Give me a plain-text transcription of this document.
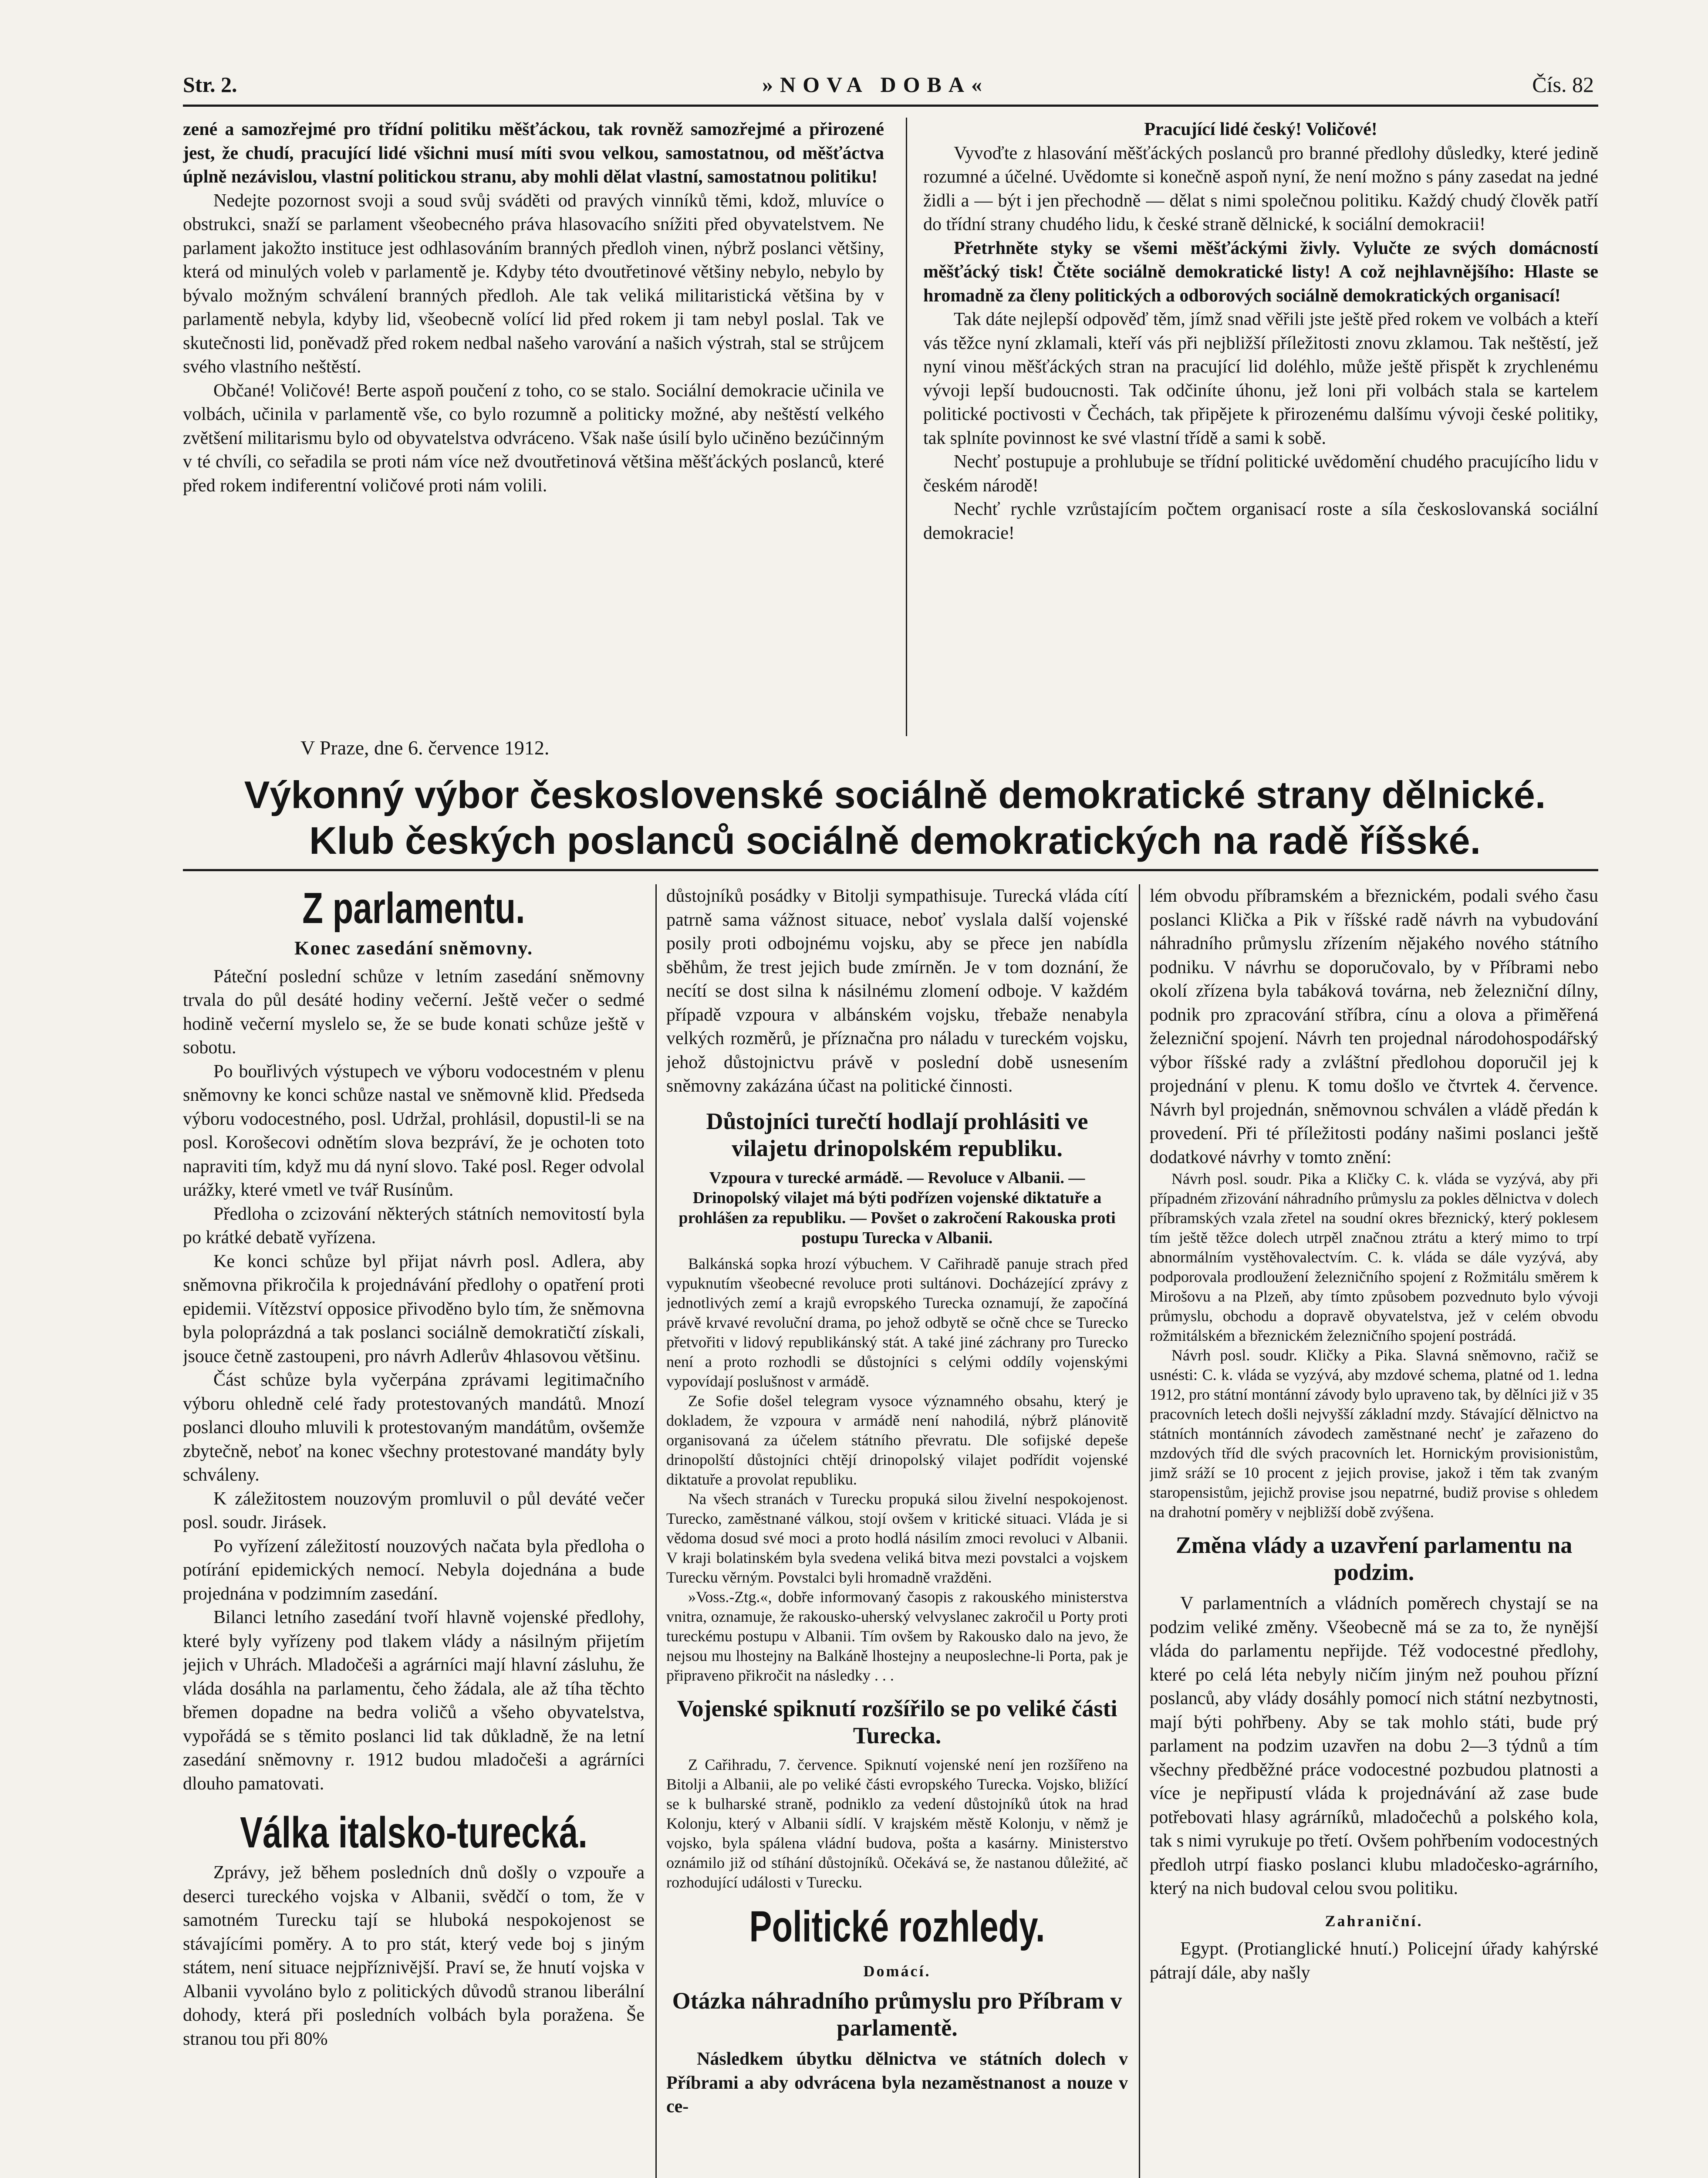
Str. 2.	»NOVA DOBA«	Čís. 82

zené a samozřejmé pro třídní politiku měšťáckou, tak rovněž samozřejmé a přirozené jest, že chudí, pracující lidé všichni musí míti svou velkou, samostatnou, od měšťáctva úplně nezávislou, vlastní politickou stranu, aby mohli dělat vlastní, samostatnou politiku!

Nedejte pozornost svoji a soud svůj sváděti od pravých vinníků těmi, kdož, mluvíce o obstrukci, snaží se parlament všeobecného práva hlasovacího snížiti před obyvatelstvem. Ne parlament jakožto instituce jest odhlasováním branných předloh vinen, nýbrž poslanci většiny, která od minulých voleb v parlamentě je. Kdyby této dvoutřetinové většiny nebylo, nebylo by bývalo možným schválení branných předloh. Ale tak veliká militaristická většina by v parlamentě nebyla, kdyby lid, všeobecně volící lid před rokem ji tam nebyl poslal. Tak ve skutečnosti lid, poněvadž před rokem nedbal našeho varování a našich výstrah, stal se strůjcem svého vlastního neštěstí.

Občané! Voličové! Berte aspoň poučení z toho, co se stalo. Sociální demokracie učinila ve volbách, učinila v parlamentě vše, co bylo rozumně a politicky možné, aby neštěstí velkého zvětšení militarismu bylo od obyvatelstva odvráceno. Však naše úsilí bylo učiněno bezúčinným v té chvíli, co seřadila se proti nám více než dvoutřetinová většina měšťáckých poslanců, které před rokem indiferentní voličové proti nám volili.

Pracující lidé český! Voličové!

Vyvoďte z hlasování měšťáckých poslanců pro branné předlohy důsledky, které jedině rozumné a účelné. Uvědomte si konečně aspoň nyní, že není možno s pány zasedat na jedné židli a — být i jen přechodně — dělat s nimi společnou politiku. Každý chudý člověk patří do třídní strany chudého lidu, k české straně dělnické, k sociální demokracii!

Přetrhněte styky se všemi měšťáckými živly. Vylučte ze svých domácností měšťácký tisk! Čtěte sociálně demokratické listy! A což nejhlavnějšího: Hlaste se hromadně za členy politických a odborových sociálně demokratických organisací!

Tak dáte nejlepší odpověď těm, jímž snad věřili jste ještě před rokem ve volbách a kteří vás těžce nyní zklamali, kteří vás při nejbližší příležitosti znovu zklamou. Tak neštěstí, jež nyní vinou měšťáckých stran na pracující lid doléhlo, může ještě přispět k zrychlenému vývoji lepší budoucnosti. Tak odčiníte úhonu, jež loni při volbách stala se kartelem politické poctivosti v Čechách, tak připějete k přirozenému dalšímu vývoji české politiky, tak splníte povinnost ke své vlastní třídě a sami k sobě.

Nechť postupuje a prohlubuje se třídní politické uvědomění chudého pracujícího lidu v českém národě!

Nechť rychle vzrůstajícím počtem organisací roste a síla českoslovanská sociální demokracie!

V Praze, dne 6. července 1912.
Výkonný výbor československé sociálně demokratické strany dělnické.
Klub českých poslanců sociálně demokratických na radě říšské.
Z parlamentu.
Konec zasedání sněmovny.

Páteční poslední schůze v letním zasedání sněmovny trvala do půl desáté hodiny večerní. Ještě večer o sedmé hodině večerní myslelo se, že se bude konati schůze ještě v sobotu.

Po bouřlivých výstupech ve výboru vodocestném v plenu sněmovny ke konci schůze nastal ve sněmovně klid. Předseda výboru vodocestného, posl. Udržal, prohlásil, dopustil-li se na posl. Korošecovi odnětím slova bezpráví, že je ochoten toto napraviti tím, když mu dá nyní slovo. Také posl. Reger odvolal urážky, které vmetl ve tvář Rusínům.

Předloha o zcizování některých státních nemovitostí byla po krátké debatě vyřízena.

Ke konci schůze byl přijat návrh posl. Adlera, aby sněmovna přikročila k projednávání předlohy o opatření proti epidemii. Vítězství opposice přivoděno bylo tím, že sněmovna byla poloprázdná a tak poslanci sociálně demokratičtí získali, jsouce četně zastoupeni, pro návrh Adlerův 4hlasovou většinu.

Část schůze byla vyčerpána zprávami legitimačního výboru ohledně celé řady protestovaných mandátů. Mnozí poslanci dlouho mluvili k protestovaným mandátům, ovšemže zbytečně, neboť na konec všechny protestované mandáty byly schváleny.

K záležitostem nouzovým promluvil o půl deváté večer posl. soudr. Jirásek.

Po vyřízení záležitostí nouzových načata byla předloha o potírání epidemických nemocí. Nebyla dojednána a bude projednána v podzimním zasedání.

Bilanci letního zasedání tvoří hlavně vojenské předlohy, které byly vyřízeny pod tlakem vlády a násilným přijetím jejich v Uhrách. Mladočeši a agrárníci mají hlavní zásluhu, že vláda dosáhla na parlamentu, čeho žádala, ale až tíha těchto břemen dopadne na bedra voličů a všeho obyvatelstva, vypořádá se s těmito poslanci lid tak důkladně, že na letní zasedání sněmovny r. 1912 budou mladočeši a agrárníci dlouho pamatovati.

Válka italsko-turecká.

Zprávy, jež během posledních dnů došly o vzpouře a deserci tureckého vojska v Albanii, svědčí o tom, že v samotném Turecku tají se hluboká nespokojenost se stávajícími poměry. A to pro stát, který vede boj s jiným státem, není situace nejpříznivější. Praví se, že hnutí vojska v Albanii vyvoláno bylo z politických důvodů stranou liberální dohody, která při posledních volbách byla poražena. Še stranou tou při 80%

důstojníků posádky v Bitolji sympathisuje. Turecká vláda cítí patrně sama vážnost situace, neboť vyslala další vojenské posily proti odbojnému vojsku, aby se přece jen nabídla sběhům, že trest jejich bude zmírněn. Je v tom doznání, že necítí se dost silna k násilnému zlomení odboje. V každém případě vzpoura v albánském vojsku, třebaže nenabyla velkých rozměrů, je příznačna pro náladu v tureckém vojsku, jehož důstojnictvu právě v poslední době usnesením sněmovny zakázána účast na politické činnosti.

Důstojníci turečtí hodlají prohlásiti ve vilajetu drinopolském republiku.
Vzpoura v turecké armádě. — Revoluce v Albanii. — Drinopolský vilajet má býti podřízen vojenské diktatuře a prohlášen za republiku. — Povšet o zakročení Rakouska proti postupu Turecka v Albanii.

Balkánská sopka hrozí výbuchem. V Cařihradě panuje strach před vypuknutím všeobecné revoluce proti sultánovi. Docházející zprávy z jednotlivých zemí a krajů evropského Turecka oznamují, že započíná právě krvavé revoluční drama, po jehož odbytě se očně chce se Turecko přetvořiti v lidový republikánský stát. A také jiné záchrany pro Turecko není a proto rozhodli se důstojníci s celými oddíly vojenskými vypovídají poslušnost v armádě.

Ze Sofie došel telegram vysoce významného obsahu, který je dokladem, že vzpoura v armádě není nahodilá, nýbrž plánovitě organisovaná za účelem státního převratu. Dle sofijské depeše drinopolští důstojníci chtějí drinopolský vilajet podřídit vojenské diktatuře a provolat republiku.

Na všech stranách v Turecku propuká silou živelní nespokojenost. Turecko, zaměstnané válkou, stojí ovšem v kritické situaci. Vláda je si vědoma dosud své moci a proto hodlá násilím zmoci revoluci v Albanii. V kraji bolatinském byla svedena veliká bitva mezi povstalci a vojskem Turecku věrným. Povstalci byli hromadně vražděni.

»Voss.-Ztg.«, dobře informovaný časopis z rakouského ministerstva vnitra, oznamuje, že rakousko-uherský velvyslanec zakročil u Porty proti tureckému postupu v Albanii. Tím ovšem by Rakousko dalo na jevo, že nejsou mu lhostejny na Balkáně lhostejny a neuposlechne-li Porta, pak je připraveno přikročit na následky . . .

Vojenské spiknutí rozšířilo se po veliké části Turecka.

Z Cařihradu, 7. července. Spiknutí vojenské není jen rozšířeno na Bitolji a Albanii, ale po veliké části evropského Turecka. Vojsko, bližící se k bulharské straně, podniklo za vedení důstojníků útok na hrad Kolonju, který v Albanii sídlí. V krajském městě Kolonju, v němž je vojsko, byla spálena vládní budova, pošta a kasárny. Ministerstvo oznámilo již od stíhání důstojníků. Očekává se, že nastanou důležité, ač rozhodující události v Turecku.

Politické rozhledy.
Domácí.
Otázka náhradního průmyslu pro Příbram v parlamentě.

Následkem úbytku dělnictva ve státních dolech v Příbrami a aby odvrácena byla nezaměstnanost a nouze v ce-

lém obvodu příbramském a březnickém, podali svého času poslanci Klička a Pik v říšské radě návrh na vybudování náhradního průmyslu zřízením nějakého nového státního podniku. V návrhu se doporučovalo, by v Příbrami nebo okolí zřízena byla tabáková továrna, neb železniční dílny, podnik pro zpracování stříbra, cínu a olova a přiměřená železniční spojení. Návrh ten projednal národohospodářský výbor říšské rady a zvláštní předlohou doporučil jej k projednání v plenu. K tomu došlo ve čtvrtek 4. července. Návrh byl projednán, sněmovnou schválen a vládě předán k provedení. Při té příležitosti podány našimi poslanci ještě dodatkové návrhy v tomto znění:

Návrh posl. soudr. Pika a Kličky C. k. vláda se vyzývá, aby při případném zřizování náhradního průmyslu za pokles dělnictva v dolech příbramských vzala zřetel na soudní okres březnický, který poklesem tím ještě těžce dolech utrpěl značnou ztrátu a který mimo to trpí abnormálním vystěhovalectvím. C. k. vláda se dále vyzývá, aby podporovala prodloužení železničního spojení z Rožmitálu směrem k Mirošovu a na Plzeň, aby tímto způsobem pozvednuto bylo vývoji průmyslu, obchodu a dopravě obyvatelstva, jež v celém obvodu rožmitálském a březnickém železničního spojení postrádá.

Návrh posl. soudr. Kličky a Pika. Slavná sněmovno, račiž se usnésti: C. k. vláda se vyzývá, aby mzdové schema, platné od 1. ledna 1912, pro státní montánní závody bylo upraveno tak, by dělníci již v 35 pracovních letech došli nejvyšší základní mzdy. Stávající dělnictvo na státních montánních závodech zaměstnané nechť je zařazeno do mzdových tříd dle svých pracovních let. Hornickým provisionistům, jimž sráží se 10 procent z jejich provise, jakož i těm tak zvaným staropensistům, jejichž provise jsou nepatrné, budiž provise s ohledem na drahotní poměry v nejbližší době zvýšena.

Změna vlády a uzavření parlamentu na podzim.

V parlamentních a vládních poměrech chystají se na podzim veliké změny. Všeobecně má se za to, že nynější vláda do parlamentu nepřijde. Též vodocestné předlohy, které po celá léta nebyly ničím jiným než pouhou přízní poslanců, aby vlády dosáhly pomocí nich státní nezbytnosti, mají býti pohřbeny. Aby se tak mohlo státi, bude prý parlament na podzim uzavřen na dobu 2—3 týdnů a tím všechny předběžné práce vodocestné pozbudou platnosti a více je nepřipustí vláda k projednávání až zase bude potřebovati hlasy agrárníků, mladočechů a polského kola, tak s nimi vyrukuje po třetí. Ovšem pohřbením vodocestných předloh utrpí fiasko poslanci klubu mladočesko-agrárního, který na nich budoval celou svou politiku.

Zahraniční.

Egypt. (Protianglické hnutí.) Policejní úřady kahýrské pátrají dále, aby našly
